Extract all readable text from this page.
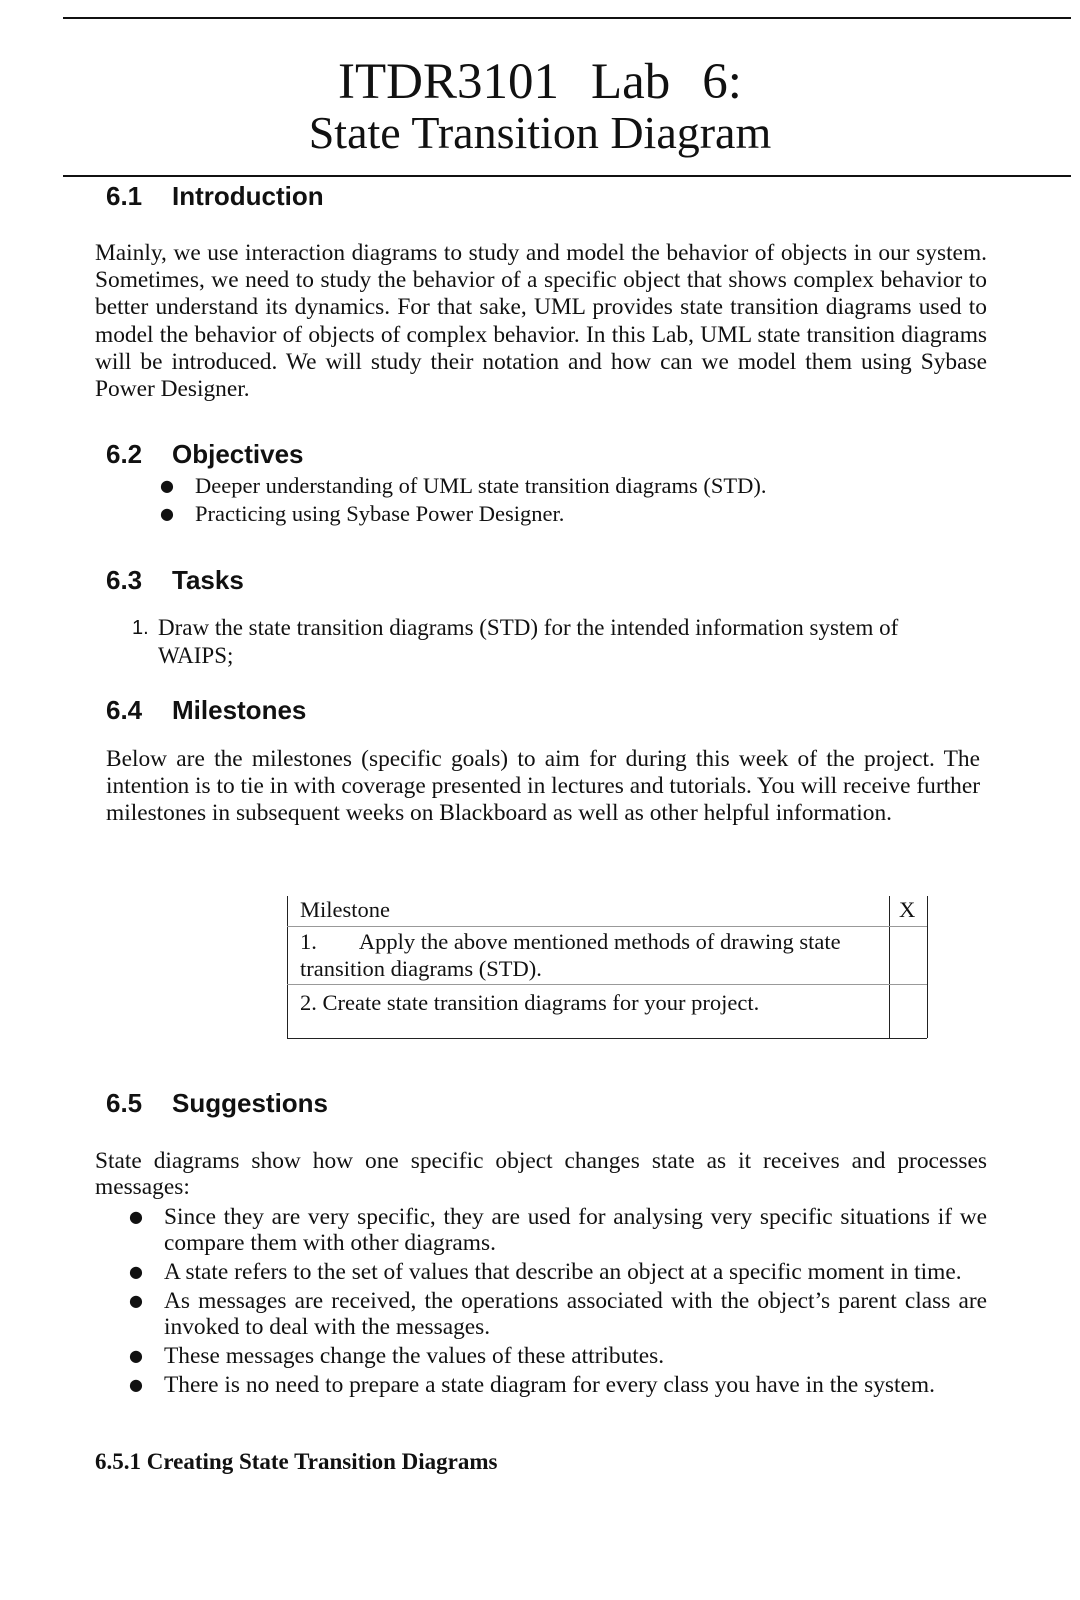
ITDR3101 Lab 6:
State Transition Diagram
6.1 Introduction
Mainly, we use interaction diagrams to study and model the behavior of objects in our system. Sometimes, we need to study the behavior of a specific object that shows complex behavior to better understand its dynamics. For that sake, UML provides state transition diagrams used to model the behavior of objects of complex behavior. In this Lab, UML state transition diagrams will be introduced. We will study their notation and how can we model them using Sybase Power Designer.
6.2 Objectives
● Deeper understanding of UML state transition diagrams (STD).
● Practicing using Sybase Power Designer.
6.3 Tasks
1. Draw the state transition diagrams (STD) for the intended information system of WAIPS;
6.4 Milestones
Below are the milestones (specific goals) to aim for during this week of the project. The intention is to tie in with coverage presented in lectures and tutorials. You will receive further milestones in subsequent weeks on Blackboard as well as other helpful information.
Milestone	X
1. Apply the above mentioned methods of drawing state transition diagrams (STD).
2. Create state transition diagrams for your project.
6.5 Suggestions
State diagrams show how one specific object changes state as it receives and processes messages:
● Since they are very specific, they are used for analysing very specific situations if we compare them with other diagrams.
● A state refers to the set of values that describe an object at a specific moment in time.
● As messages are received, the operations associated with the object’s parent class are invoked to deal with the messages.
● These messages change the values of these attributes.
● There is no need to prepare a state diagram for every class you have in the system.
6.5.1 Creating State Transition Diagrams
